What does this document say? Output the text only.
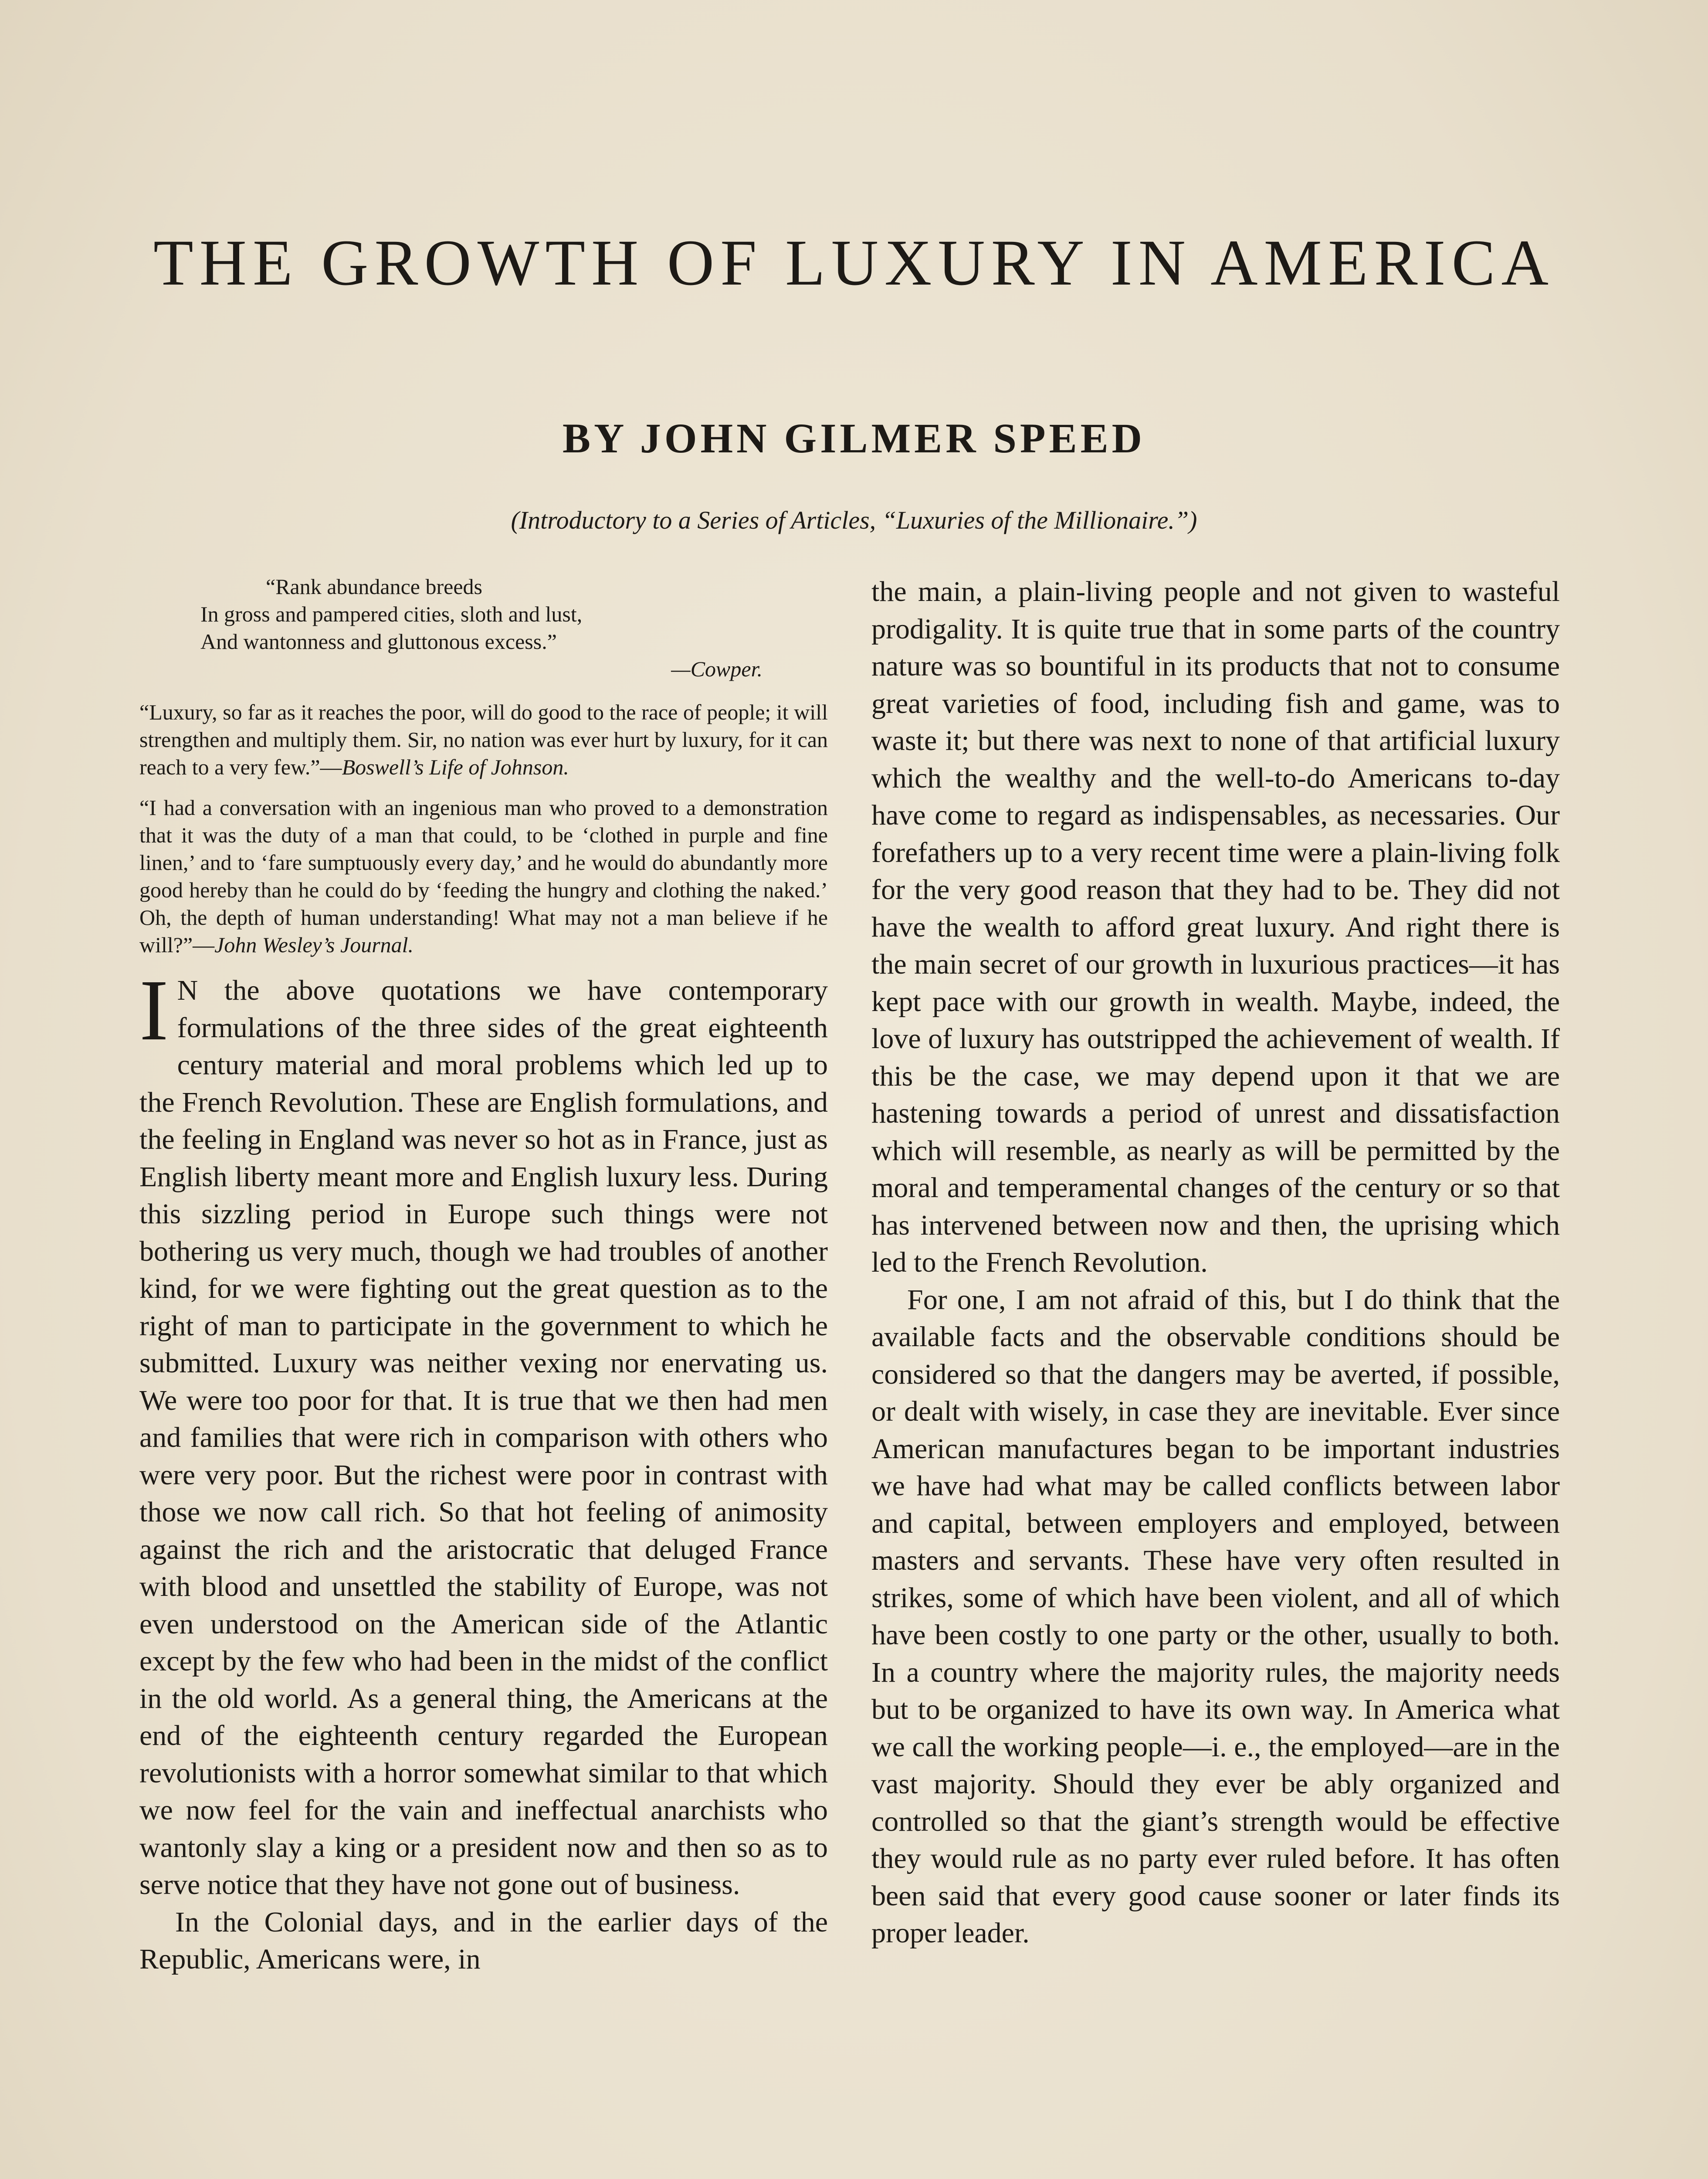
THE GROWTH OF LUXURY IN AMERICA
BY JOHN GILMER SPEED

(Introductory to a Series of Articles, “Luxuries of the Millionaire.”)

“Rank abundance breeds
In gross and pampered cities, sloth and lust,
And wantonness and gluttonous excess.”
—Cowper.

“Luxury, so far as it reaches the poor, will do good to the race of people; it will strengthen and multiply them. Sir, no nation was ever hurt by luxury, for it can reach to a very few.”—Boswell’s Life of Johnson.

“I had a conversation with an ingenious man who proved to a demonstration that it was the duty of a man that could, to be ‘clothed in purple and fine linen,’ and to ‘fare sumptuously every day,’ and he would do abundantly more good hereby than he could do by ‘feeding the hungry and clothing the naked.’ Oh, the depth of human understanding! What may not a man believe if he will?”—John Wesley’s Journal.

I N the above quotations we have contemporary formulations of the three sides of the great eighteenth century material and moral problems which led up to the French Revolution. These are English formulations, and the feeling in England was never so hot as in France, just as English liberty meant more and English luxury less. During this sizzling period in Europe such things were not bothering us very much, though we had troubles of another kind, for we were fighting out the great question as to the right of man to participate in the government to which he submitted. Luxury was neither vexing nor enervating us. We were too poor for that. It is true that we then had men and families that were rich in comparison with others who were very poor. But the richest were poor in contrast with those we now call rich. So that hot feeling of animosity against the rich and the aristocratic that deluged France with blood and unsettled the stability of Europe, was not even understood on the American side of the Atlantic except by the few who had been in the midst of the conflict in the old world. As a general thing, the Americans at the end of the eighteenth century regarded the European revolutionists with a horror somewhat similar to that which we now feel for the vain and ineffectual anarchists who wantonly slay a king or a president now and then so as to serve notice that they have not gone out of business.

In the Colonial days, and in the earlier days of the Republic, Americans were, in

the main, a plain-living people and not given to wasteful prodigality. It is quite true that in some parts of the country nature was so bountiful in its products that not to consume great varieties of food, including fish and game, was to waste it; but there was next to none of that artificial luxury which the wealthy and the well-to-do Americans to-day have come to regard as indispensables, as necessaries. Our forefathers up to a very recent time were a plain-living folk for the very good reason that they had to be. They did not have the wealth to afford great luxury. And right there is the main secret of our growth in luxurious practices—it has kept pace with our growth in wealth. Maybe, indeed, the love of luxury has outstripped the achievement of wealth. If this be the case, we may depend upon it that we are hastening towards a period of unrest and dissatisfaction which will resemble, as nearly as will be permitted by the moral and temperamental changes of the century or so that has intervened between now and then, the uprising which led to the French Revolution.

For one, I am not afraid of this, but I do think that the available facts and the observable conditions should be considered so that the dangers may be averted, if possible, or dealt with wisely, in case they are inevitable. Ever since American manufactures began to be important industries we have had what may be called conflicts between labor and capital, between employers and employed, between masters and servants. These have very often resulted in strikes, some of which have been violent, and all of which have been costly to one party or the other, usually to both. In a country where the majority rules, the majority needs but to be organized to have its own way. In America what we call the working people—i. e., the employed—are in the vast majority. Should they ever be ably organized and controlled so that the giant’s strength would be effective they would rule as no party ever ruled before. It has often been said that every good cause sooner or later finds its proper leader.
